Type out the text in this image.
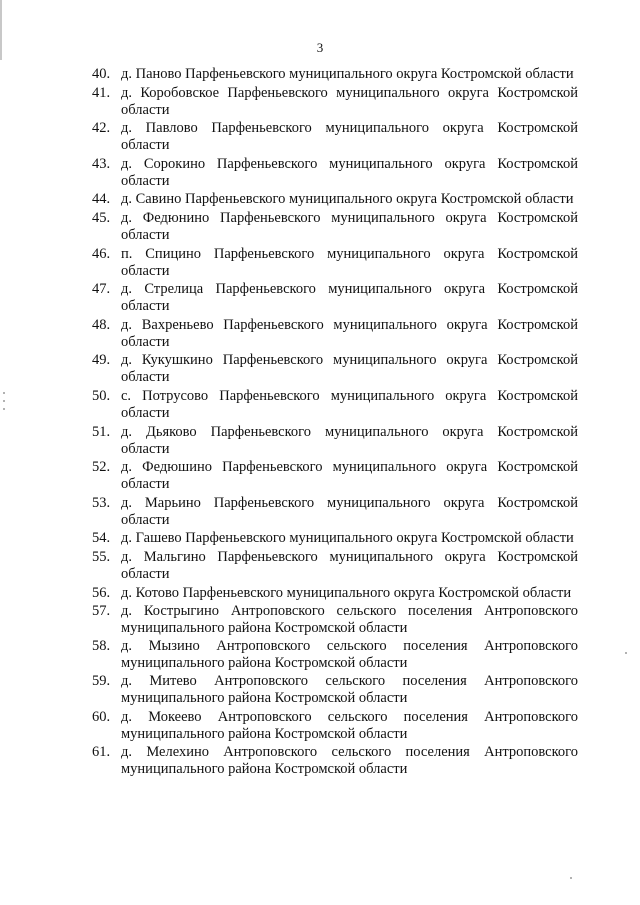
3
40. д. Паново Парфеньевского муниципального округа Костромской области
41. д. Коробовское Парфеньевского муниципального округа Костромской области
42. д. Павлово Парфеньевского муниципального округа Костромской области
43. д. Сорокино Парфеньевского муниципального округа Костромской области
44. д. Савино Парфеньевского муниципального округа Костромской области
45. д. Федюнино Парфеньевского муниципального округа Костромской области
46. п. Спицино Парфеньевского муниципального округа Костромской области
47. д. Стрелица Парфеньевского муниципального округа Костромской области
48. д. Вахреньево Парфеньевского муниципального округа Костромской области
49. д. Кукушкино Парфеньевского муниципального округа Костромской области
50. с. Потрусово Парфеньевского муниципального округа Костромской области
51. д. Дьяково Парфеньевского муниципального округа Костромской области
52. д. Федюшино Парфеньевского муниципального округа Костромской области
53. д. Марьино Парфеньевского муниципального округа Костромской области
54. д. Гашево Парфеньевского муниципального округа Костромской области
55. д. Мальгино Парфеньевского муниципального округа Костромской области
56. д. Котово Парфеньевского муниципального округа Костромской области
57. д. Кострыгино Антроповского сельского поселения Антроповского муниципального района Костромской области
58. д. Мызино Антроповского сельского поселения Антроповского муниципального района Костромской области
59. д. Митево Антроповского сельского поселения Антроповского муниципального района Костромской области
60. д. Мокеево Антроповского сельского поселения Антроповского муниципального района Костромской области
61. д. Мелехино Антроповского сельского поселения Антроповского муниципального района Костромской области
